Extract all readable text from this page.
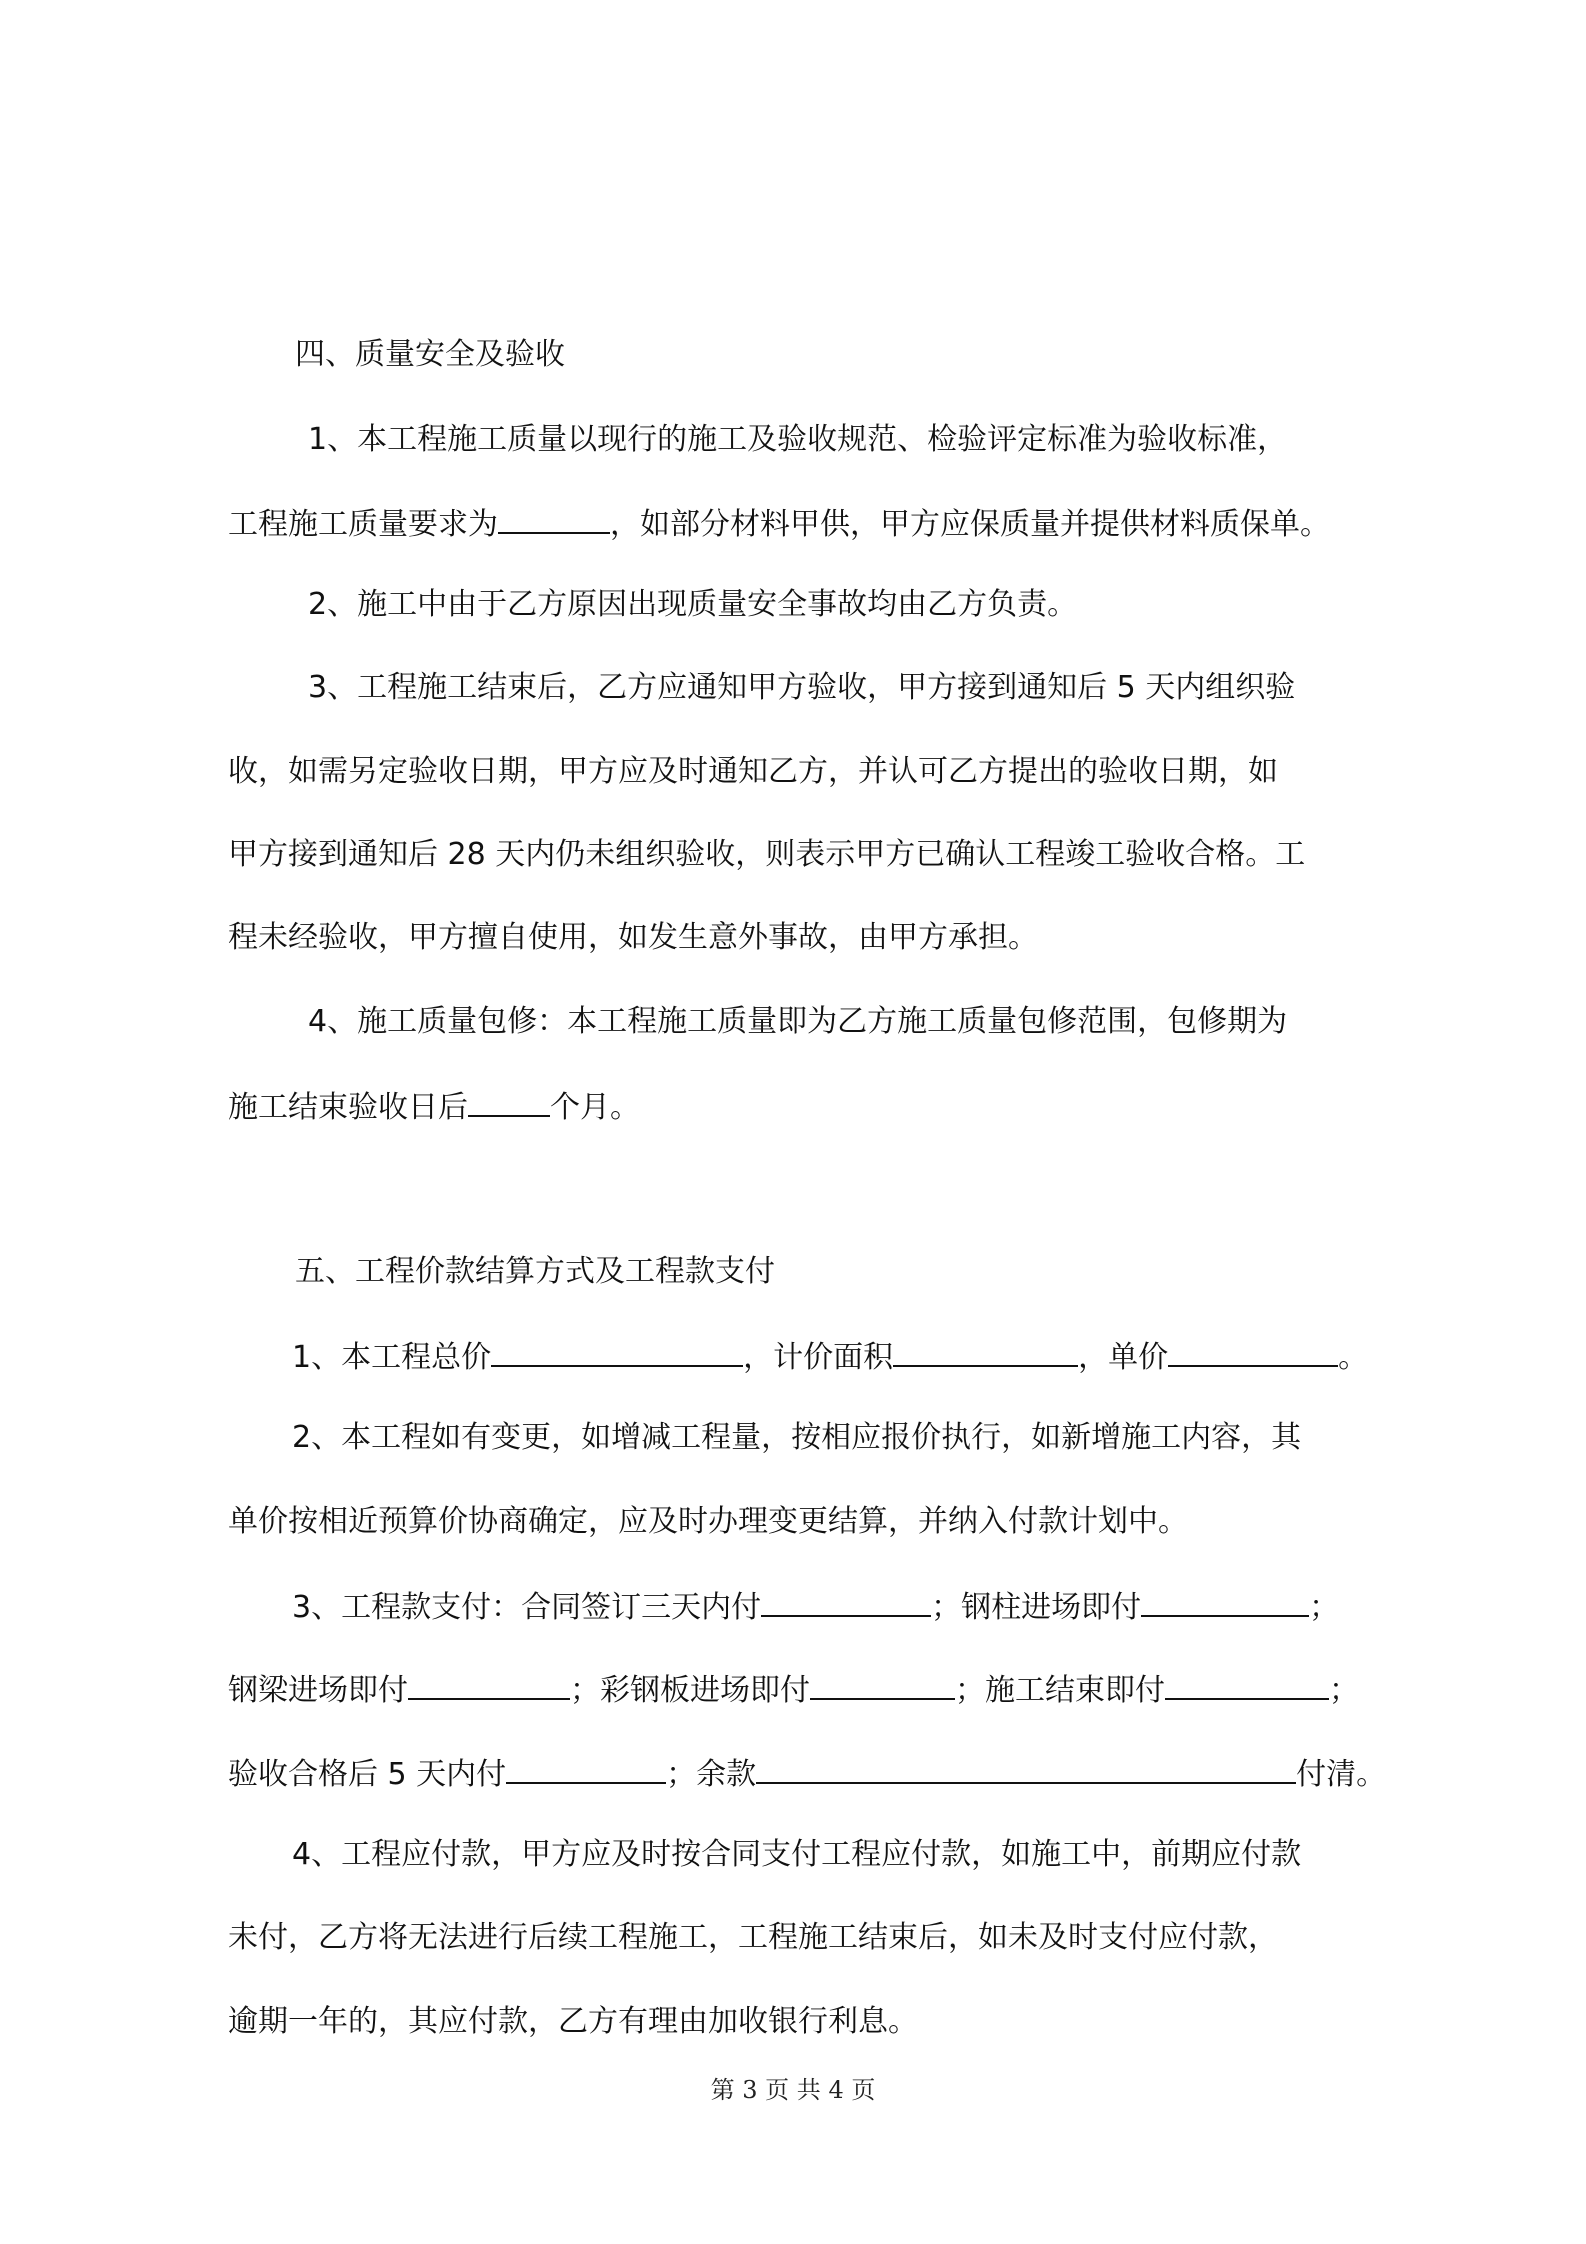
四、质量安全及验收
1、本工程施工质量以现行的施工及验收规范、检验评定标准为验收标准，
工程施工质量要求为	，如部分材料甲供，甲方应保质量并提供材料质保单。
2、施工中由于乙方原因出现质量安全事故均由乙方负责。
3、工程施工结束后，乙方应通知甲方验收，甲方接到通知后 5 天内组织验
收，如需另定验收日期，甲方应及时通知乙方，并认可乙方提出的验收日期，如
甲方接到通知后 28 天内仍未组织验收，则表示甲方已确认工程竣工验收合格。工
程未经验收，甲方擅自使用，如发生意外事故，由甲方承担。
4、施工质量包修：本工程施工质量即为乙方施工质量包修范围，包修期为
施工结束验收日后	个月。
五、工程价款结算方式及工程款支付
1、本工程总价	，计价面积	，单价	。
2、本工程如有变更，如增减工程量，按相应报价执行，如新增施工内容，其
单价按相近预算价协商确定，应及时办理变更结算，并纳入付款计划中。
3、工程款支付：合同签订三天内付	；钢柱进场即付	；
钢梁进场即付	；彩钢板进场即付	；施工结束即付	；
验收合格后 5 天内付	；余款	付清。
4、工程应付款，甲方应及时按合同支付工程应付款，如施工中，前期应付款
未付，乙方将无法进行后续工程施工，工程施工结束后，如未及时支付应付款，
逾期一年的，其应付款，乙方有理由加收银行利息。
第 3 页 共 4 页
